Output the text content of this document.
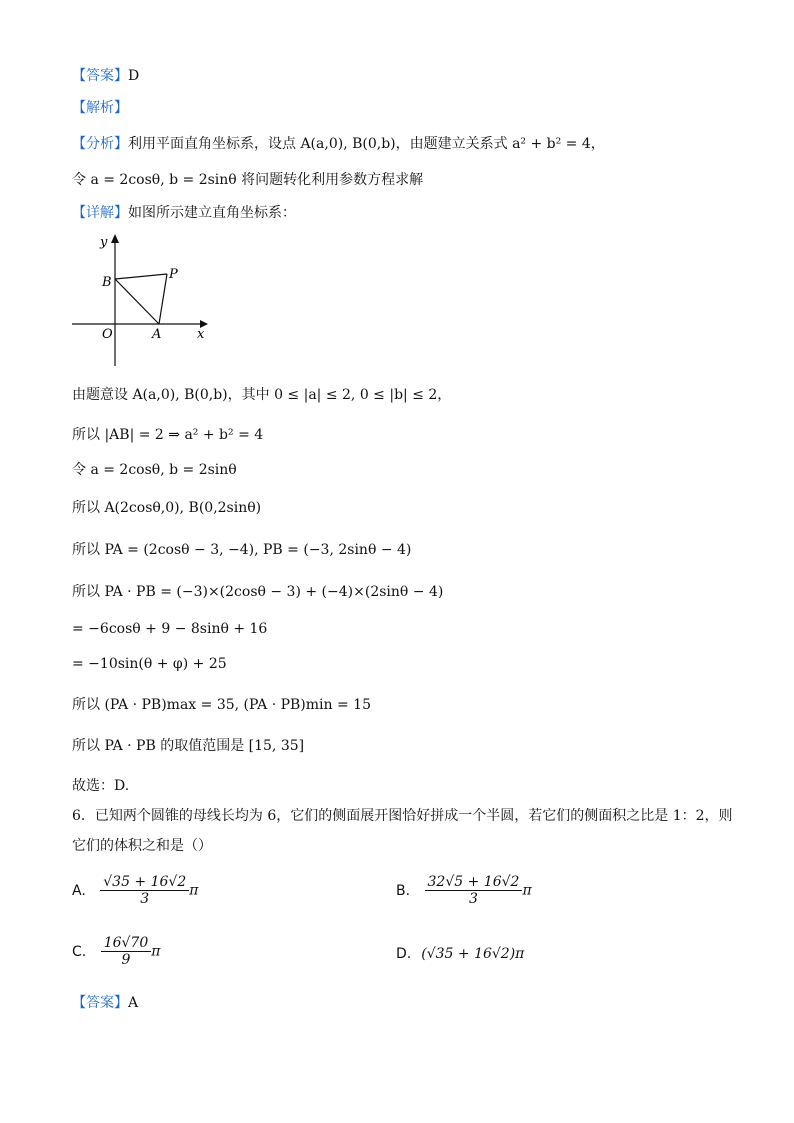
【答案】D
【解析】
【分析】利用平面直角坐标系，设点 A(a,0), B(0,b)，由题建立关系式 a² + b² = 4，
令 a = 2cosθ, b = 2sinθ 将问题转化利用参数方程求解
【详解】如图所示建立直角坐标系：
y
x
O	A
B
P
由题意设 A(a,0), B(0,b)，其中 0 ≤ |a| ≤ 2, 0 ≤ |b| ≤ 2，
所以 |AB| = 2 ⇒ a² + b² = 4
令 a = 2cosθ, b = 2sinθ
所以 A(2cosθ,0), B(0,2sinθ)
所以 PA = (2cosθ − 3, −4), PB = (−3, 2sinθ − 4)
所以 PA · PB = (−3)×(2cosθ − 3) + (−4)×(2sinθ − 4)
= −6cosθ + 9 − 8sinθ + 16
= −10sin(θ + φ) + 25
所以 (PA · PB)max = 35, (PA · PB)min = 15
所以 PA · PB 的取值范围是 [15, 35]
故选：D.
6．已知两个圆锥的母线长均为 6，它们的侧面展开图恰好拼成一个半圆，若它们的侧面积之比是 1：2，则
它们的体积之和是（）
A. $\frac{√35 + 16√2}{3}$ π	B. $\frac{32√5 + 16√2}{3}$ π
C. $\frac{16√70}{9}$ π	D. (√35 + 16√2)π
【答案】A
